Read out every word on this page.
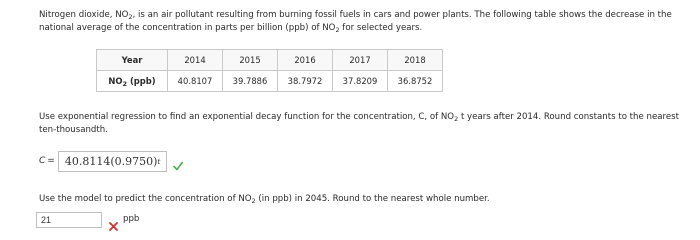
Nitrogen dioxide, $NO_2$, is an air pollutant resulting from burning fossil fuels in cars and power plants. The following table shows the decrease in the national average of the concentration in parts per billion (ppb) of $NO_2$ for selected years.
Year	2014	2015	2016	2017	2018
$NO_2$ (ppb)	40.8107	39.7886	38.7972	37.8209	36.8752
Use exponential regression to find an exponential decay function for the concentration, C, of $NO_2$ t years after 2014. Round constants to the nearest ten-thousandth.
C = 40.8114(0.9750) t
Use the model to predict the concentration of $NO_2$ (in ppb) in 2045. Round to the nearest whole number.
21	ppb
